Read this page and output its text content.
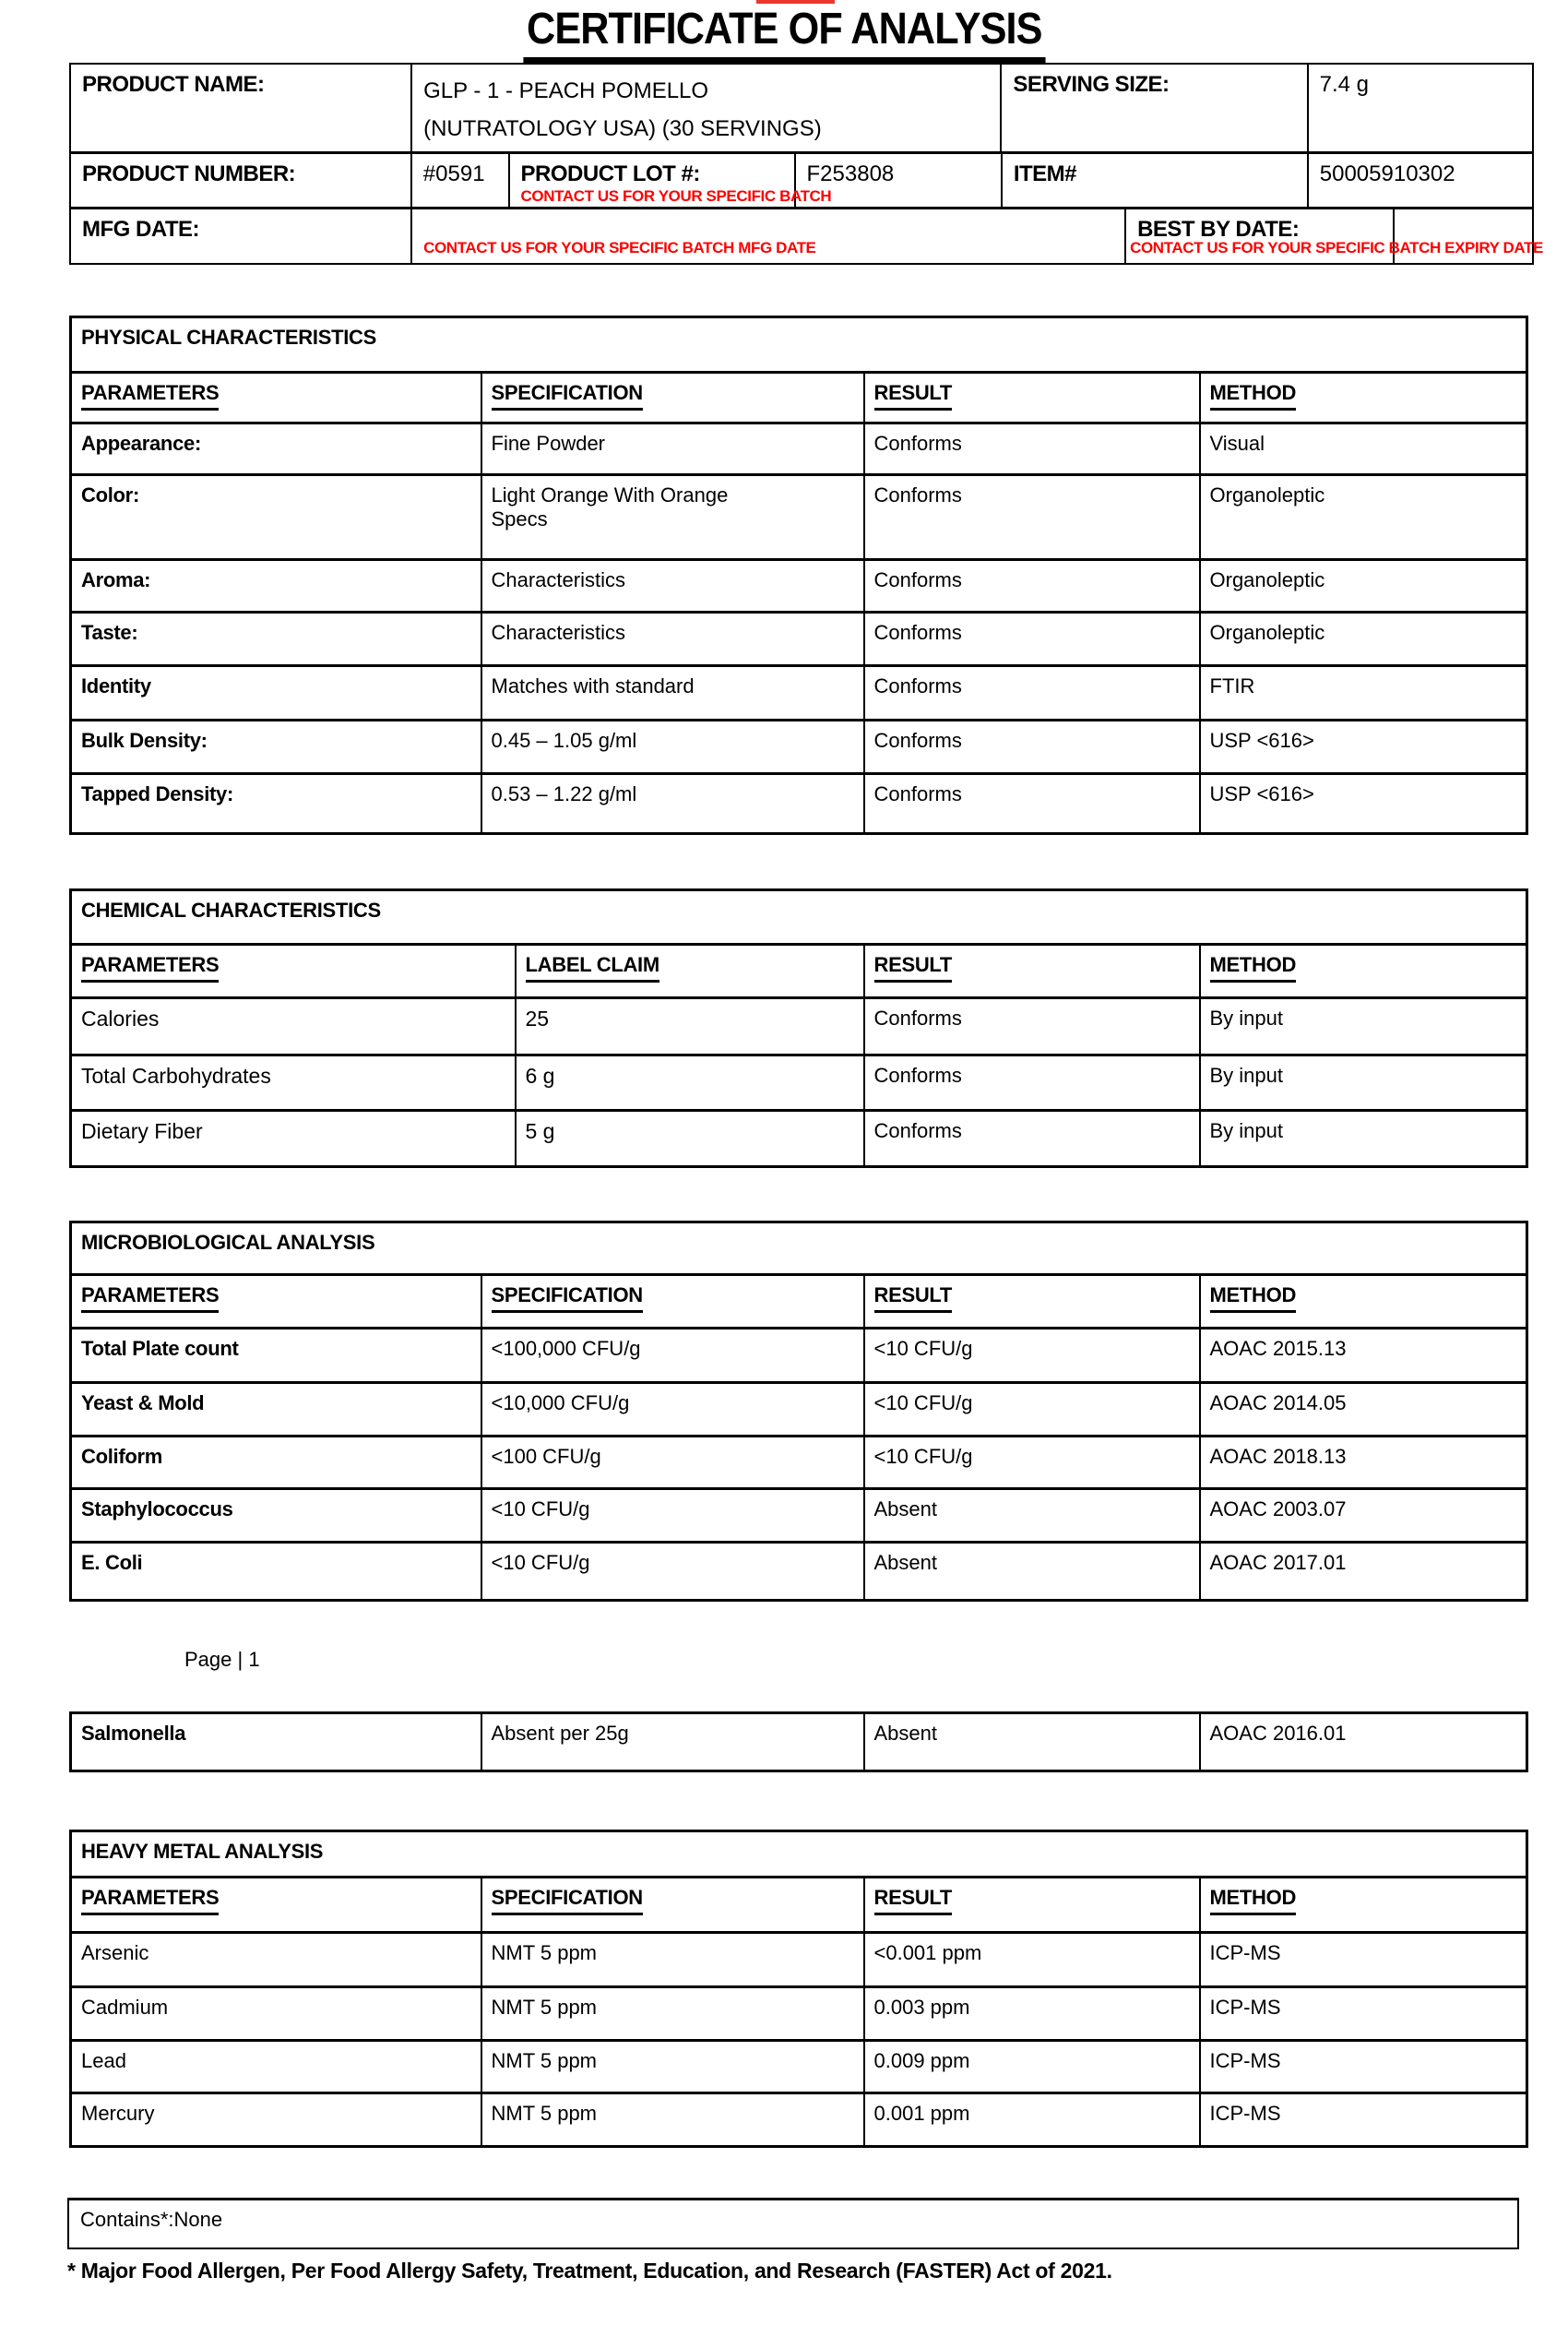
CERTIFICATE OF ANALYSIS
PRODUCT NAME:	GLP - 1 - PEACH POMELLO
(NUTRATOLOGY USA) (30 SERVINGS)
SERVING SIZE:	7.4 g
PRODUCT NUMBER:	#0591	PRODUCT LOT #:
CONTACT US FOR YOUR SPECIFIC BATCH
F253808	ITEM#	50005910302
MFG DATE:
CONTACT US FOR YOUR SPECIFIC BATCH MFG DATE
BEST BY DATE:
CONTACT US FOR YOUR SPECIFIC BATCH EXPIRY DATE
PHYSICAL CHARACTERISTICS			
PARAMETERS	SPECIFICATION	RESULT	METHOD
Appearance:	Fine Powder	Conforms	Visual
Color:	Light Orange With Orange Specs	Conforms	Organoleptic
Aroma:	Characteristics	Conforms	Organoleptic
Taste:	Characteristics	Conforms	Organoleptic
Identity	Matches with standard	Conforms	FTIR
Bulk Density:	0.45 – 1.05 g/ml	Conforms	USP <616>
Tapped Density:	0.53 – 1.22 g/ml	Conforms	USP <616>
CHEMICAL CHARACTERISTICS			
PARAMETERS	LABEL CLAIM	RESULT	METHOD
Calories	25	Conforms	By input
Total Carbohydrates	6 g	Conforms	By input
Dietary Fiber	5 g	Conforms	By input
MICROBIOLOGICAL ANALYSIS			
PARAMETERS	SPECIFICATION	RESULT	METHOD
Total Plate count	<100,000 CFU/g	<10 CFU/g	AOAC 2015.13
Yeast & Mold	<10,000 CFU/g	<10 CFU/g	AOAC 2014.05
Coliform	<100 CFU/g	<10 CFU/g	AOAC 2018.13
Staphylococcus	<10 CFU/g	Absent	AOAC 2003.07
E. Coli	<10 CFU/g	Absent	AOAC 2017.01
Page | 1
Salmonella	Absent per 25g	Absent	AOAC 2016.01
HEAVY METAL ANALYSIS			
PARAMETERS	SPECIFICATION	RESULT	METHOD
Arsenic	NMT 5 ppm	<0.001 ppm	ICP-MS
Cadmium	NMT 5 ppm	0.003 ppm	ICP-MS
Lead	NMT 5 ppm	0.009 ppm	ICP-MS
Mercury	NMT 5 ppm	0.001 ppm	ICP-MS
Contains*:None
* Major Food Allergen, Per Food Allergy Safety, Treatment, Education, and Research (FASTER) Act of 2021.
